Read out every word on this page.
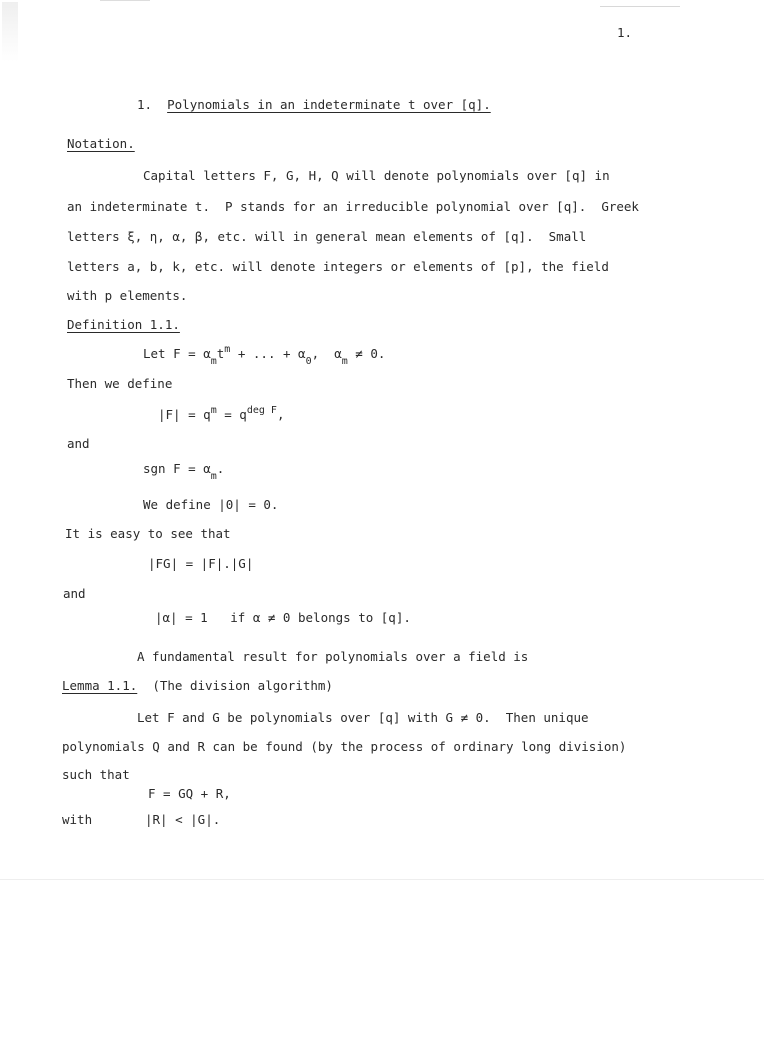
1.
1. Polynomials in an indeterminate t over [q].
Notation.
Capital letters F, G, H, Q will denote polynomials over [q] in
an indeterminate t.  P stands for an irreducible polynomial over [q].  Greek
letters ξ, η, α, β, etc. will in general mean elements of [q].  Small
letters a, b, k, etc. will denote integers or elements of [p], the field
with p elements.
Definition 1.1.
Let $F = \alpha_mt^m$ + ... + $\alpha_0$,  $\alpha_m \ne 0$.
Then we define
$|F| = q^m = q^{deg F}$,
and
sgn $F = \alpha_m$.
We define |0| = 0.
It is easy to see that
|FG| = |F|.|G|
and
|α| = 1   if α ≠ 0 belongs to [q].
A fundamental result for polynomials over a field is
Lemma 1.1. (The division algorithm)
Let F and G be polynomials over [q] with G ≠ 0.  Then unique
polynomials Q and R can be found (by the process of ordinary long division)
such that
F = GQ + R,
with	|R| < |G|.
